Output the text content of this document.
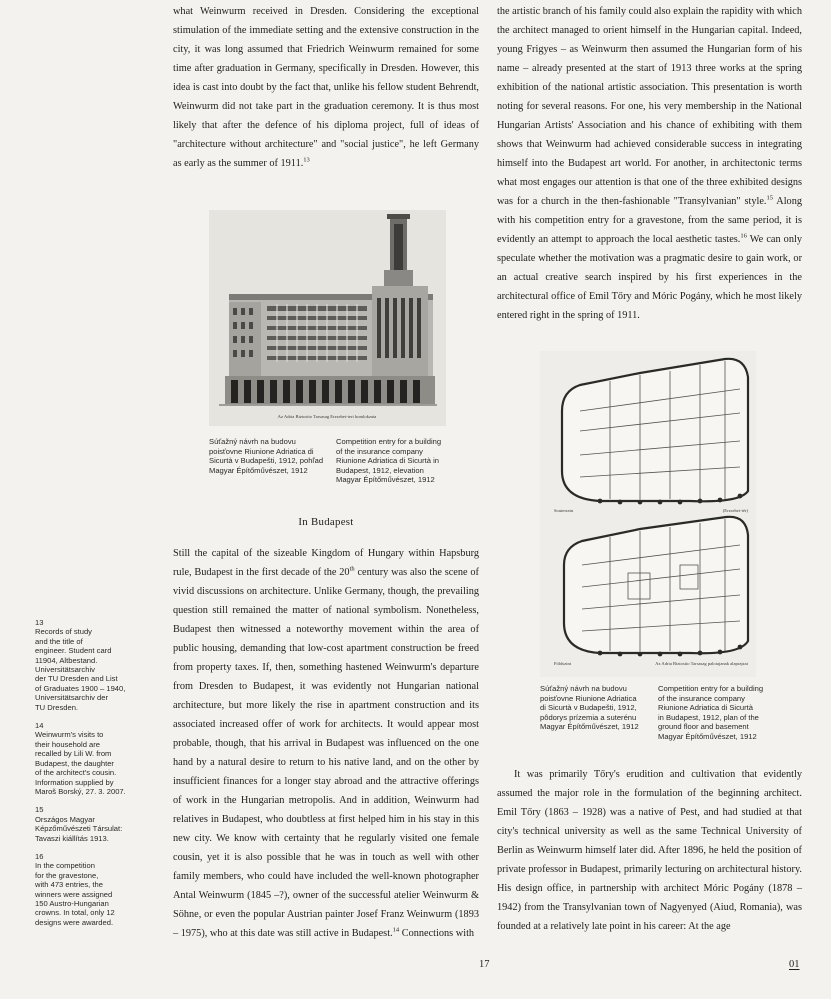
what Weinwurm received in Dresden. Considering the exceptional stimulation of the immediate setting and the extensive construction in the city, it was long assumed that Friedrich Weinwurm remained for some time after graduation in Germany, specifically in Dresden. However, this idea is cast into doubt by the fact that, unlike his fellow student Behrendt, Weinwurm did not take part in the graduation ceremony. It is thus most likely that after the defence of his diploma project, full of ideas of "architecture without architecture" and "social justice", he left Germany as early as the summer of 1911.13

Az Adria Biztosito Tarsasag Erzsebet-teri homlokzata
Súťažný návrh na budovu
poisťovne Riunione Adriatica di
Sicurtà v Budapešti, 1912, pohľad
Magyar Építőművészet, 1912
Competition entry for a building
of the insurance company
Riunione Adriatica di Sicurtà in
Budapest, 1912, elevation
Magyar Építőművészet, 1912
In Budapest

Still the capital of the sizeable Kingdom of Hungary within Hapsburg rule, Budapest in the first decade of the 20th century was also the scene of vivid discussions on architecture. Unlike Germany, though, the prevailing question still remained the matter of national symbolism. Nonetheless, Budapest then witnessed a noteworthy movement within the area of public housing, demanding that low-cost apartment construction be freed from property taxes. If, then, something hastened Weinwurm's departure from Dresden to Budapest, it was evidently not Hungarian national architecture, but more likely the rise in apartment construction and its associated increased offer of work for architects. It would appear most probable, though, that his arrival in Budapest was influenced on the one hand by a natural desire to return to his native land, and on the other by insufficient finances for a longer stay abroad and the attractive offerings of work in the Hungarian metropolis. And in addition, Weinwurm had relatives in Budapest, who doubtless at first helped him in his stay in this new city. We know with certainty that he regularly visited one female cousin, yet it is also possible that he was in touch as well with other family members, who could have included the well-known photographer Antal Weinwurm (1845 –?), owner of the successful atelier Weinwurm & Söhne, or even the popular Austrian painter Josef Franz Weinwurm (1893 – 1975), who at this date was still active in Budapest.$^{14}$ Connections with

the artistic branch of his family could also explain the rapidity with which the architect managed to orient himself in the Hungarian capital. Indeed, young Frigyes – as Weinwurm then assumed the Hungarian form of his name – already presented at the start of 1913 three works at the spring exhibition of the national artistic association. This presentation is worth noting for several reasons. For one, his very membership in the National Hungarian Artists' Association and his chance of exhibiting with them shows that Weinwurm had achieved considerable success in integrating himself into the Budapest art world. For another, in architectonic terms what most engages our attention is that one of the three exhibited designs was for a church in the then-fashionable "Transylvanian" style.$^{15}$ Along with his competition entry for a gravestone, from the same period, it is evidently an attempt to approach the local aesthetic tastes.$^{16}$ We can only speculate whether the motivation was a pragmatic desire to gain work, or an actual creative search inspired by his first experiences in the architectural office of Emil Tőry and Móric Pogány, which he most likely entered right in the spring of 1911.

Souterrain	(Erzsebet-tér)
Földszint	Az Adria Biztosito Tarsasag palotajanak alaprajzai
Súťažný návrh na budovu
poisťovne Riunione Adriatica
di Sicurtà v Budapešti, 1912,
pôdorys prízemia a suterénu
Magyar Építőművészet, 1912
Competition entry for a building
of the insurance company
Riunione Adriatica di Sicurtà
in Budapest, 1912, plan of the
ground floor and basement
Magyar Építőművészet, 1912

It was primarily Tőry's erudition and cultivation that evidently assumed the major role in the formulation of the beginning architect. Emil Tőry (1863 – 1928) was a native of Pest, and had studied at that city's technical university as well as the same Technical University of Berlin as Weinwurm himself later did. After 1896, he held the position of private professor in Budapest, primarily lecturing on architectural history. His design office, in partnership with architect Móric Pogány (1878 – 1942) from the Transylvanian town of Nagyenyed (Aiud, Romania), was founded at a relatively late point in his career: At the age

13
Records of study
and the title of
engineer. Student card
11904, Altbestand.
Universitätsarchiv
der TU Dresden and List
of Graduates 1900 – 1940,
Universitätsarchiv der
TU Dresden.
14
Weinwurm's visits to
their household are
recalled by Lili W. from
Budapest, the daughter
of the architect's cousin.
Information supplied by
Maroš Borský, 27. 3. 2007.
15
Országos Magyar
Képzőművészeti Társulat:
Tavaszi kiállítás 1913.
16
In the competition
for the gravestone,
with 473 entries, the
winners were assigned
150 Austro-Hungarian
crowns. In total, only 12
designs were awarded.
17	01
